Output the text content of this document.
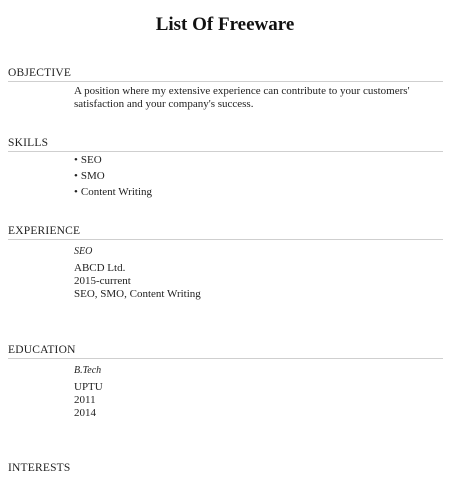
List Of Freeware
OBJECTIVE
A position where my extensive experience can contribute to your customers'
satisfaction and your company's success.
SKILLS
• SEO
• SMO
• Content Writing
EXPERIENCE
SEO
ABCD Ltd.
2015-current
SEO, SMO, Content Writing
EDUCATION
B.Tech
UPTU
2011
2014
INTERESTS
